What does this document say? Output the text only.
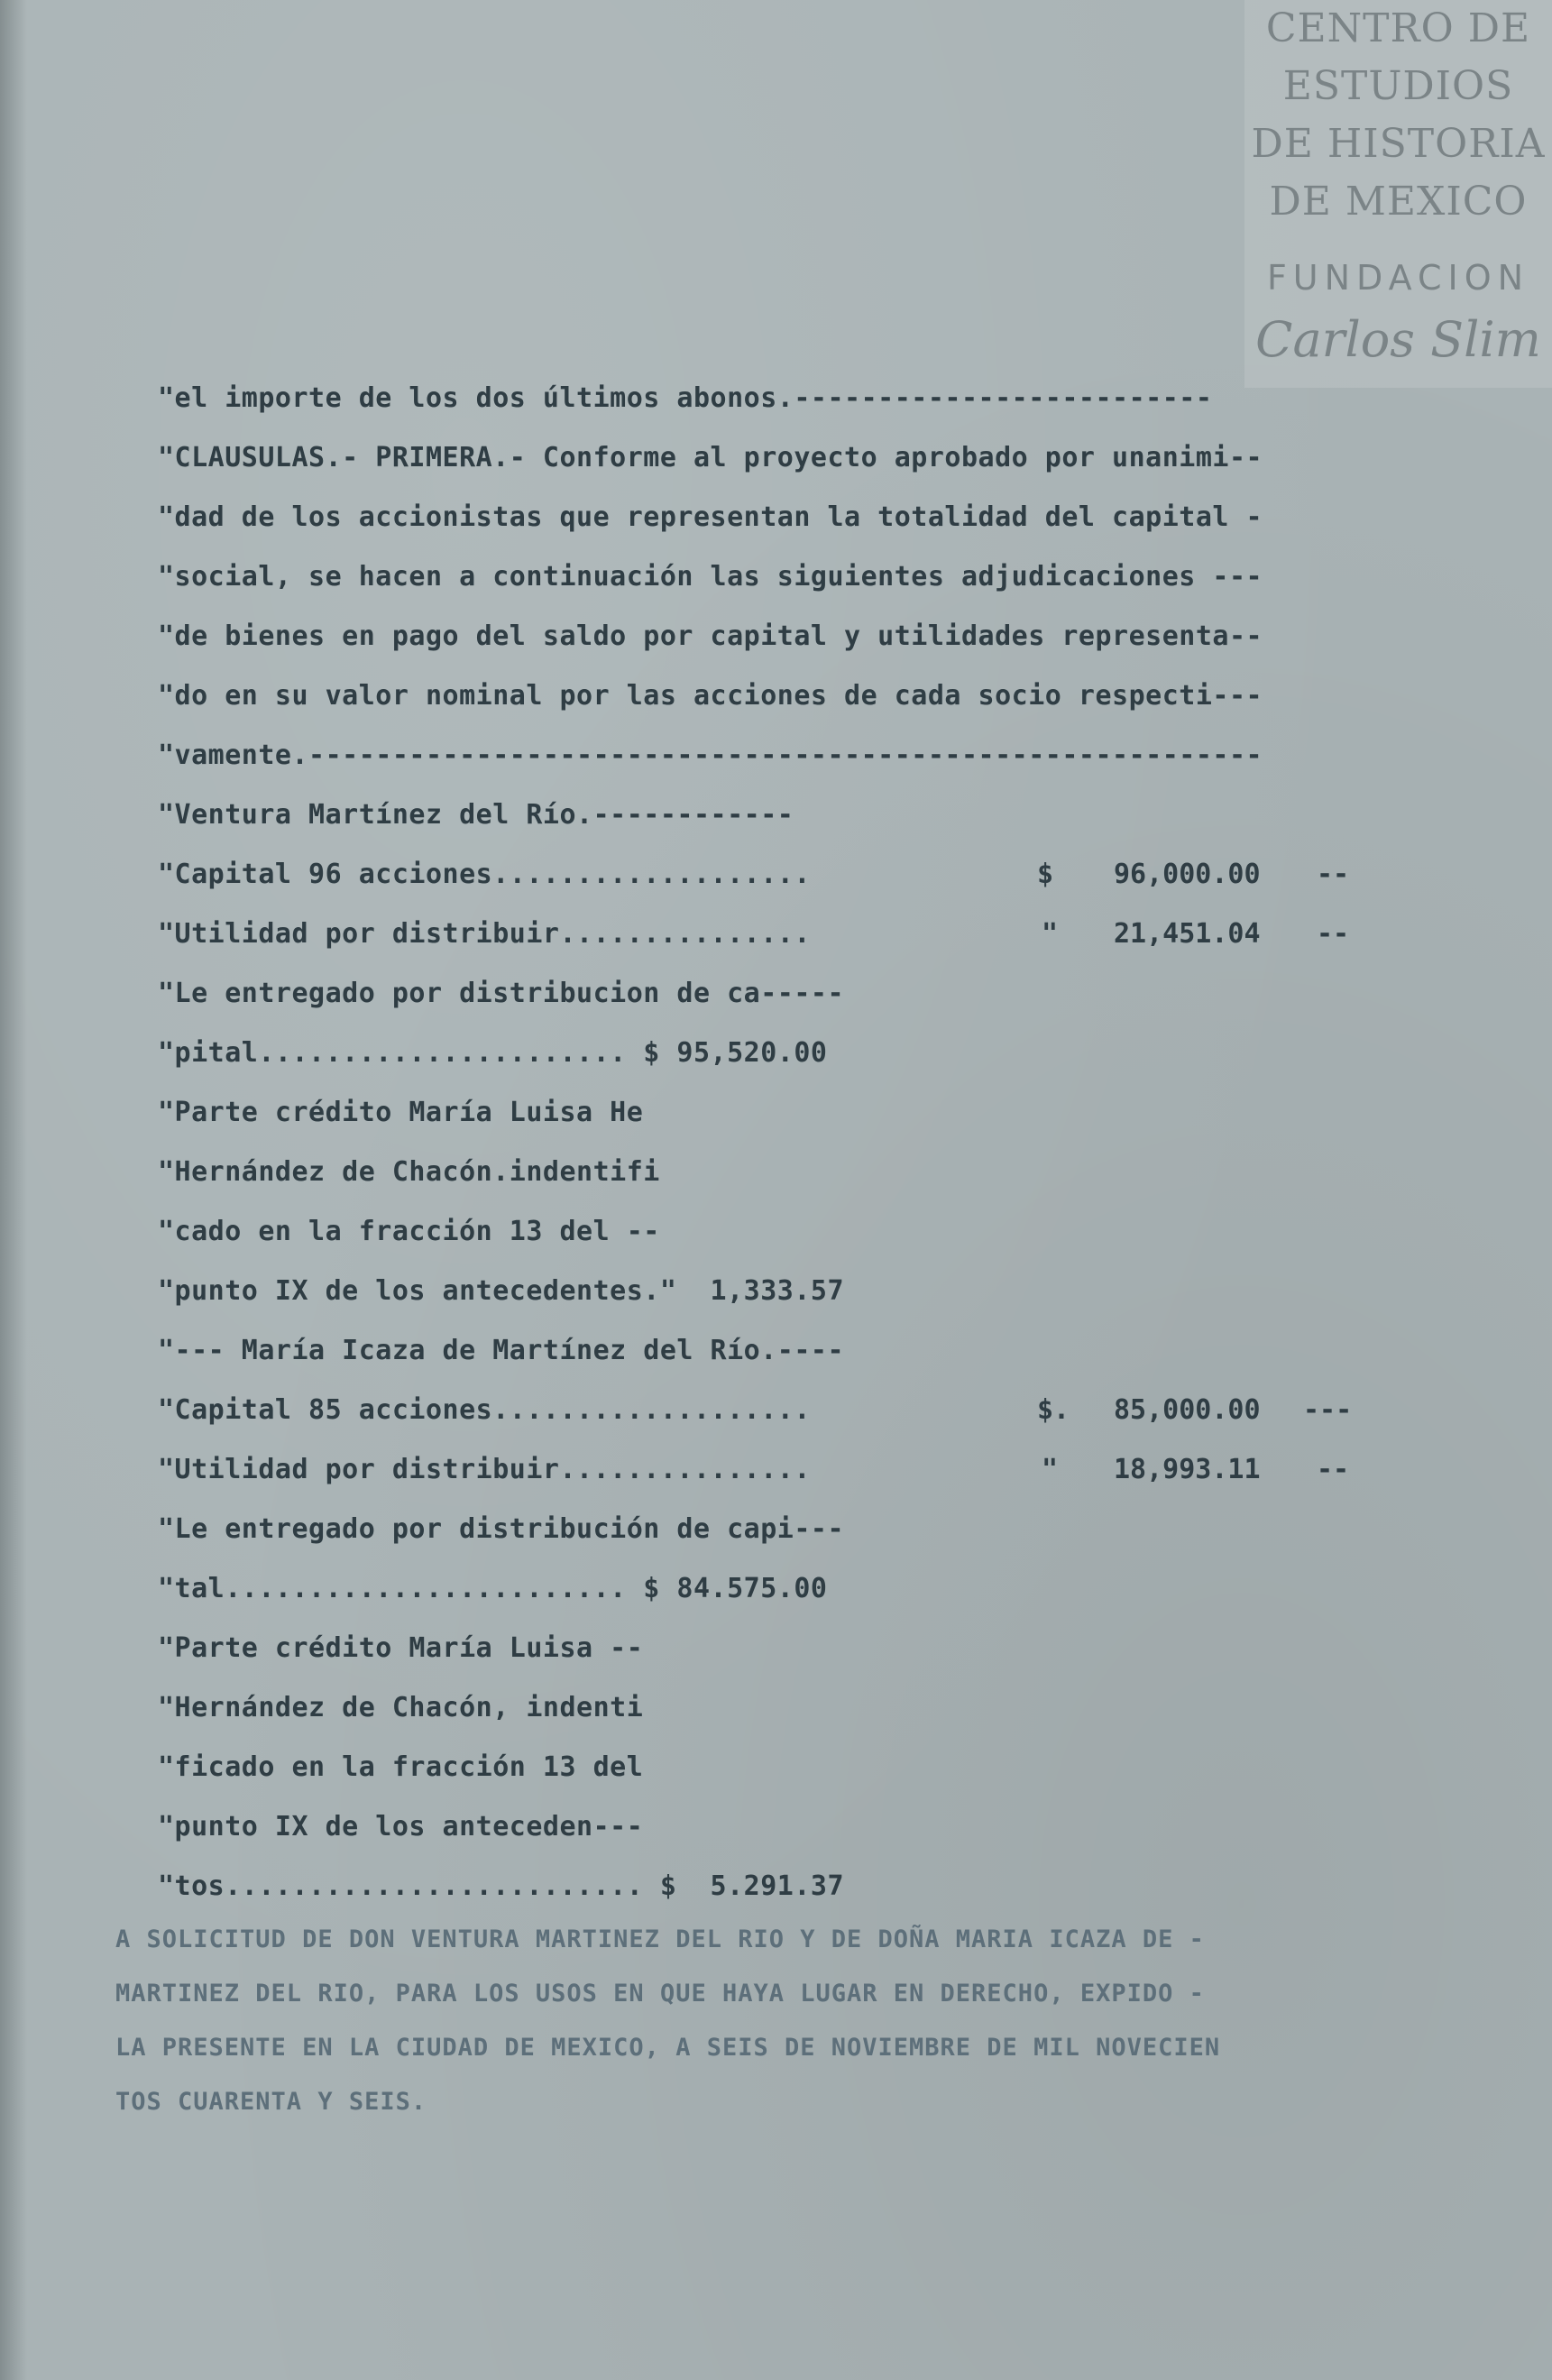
CENTRO DE
ESTUDIOS
DE HISTORIA
DE MEXICO
FUNDACION
Carlos Slim
"el importe de los dos últimos abonos.-------------------------
"CLAUSULAS.- PRIMERA.- Conforme al proyecto aprobado por unanimi--
"dad de los accionistas que representan la totalidad del capital -
"social, se hacen a continuación las siguientes adjudicaciones ---
"de bienes en pago del saldo por capital y utilidades representa--
"do en su valor nominal por las acciones de cada socio respecti---
"vamente.---------------------------------------------------------
"Ventura Martínez del Río.------------
"Capital 96 acciones...................
"Utilidad por distribuir...............
"Le entregado por distribucion de ca-----
"pital...................... $ 95,520.00
"Parte crédito María Luisa He
"Hernández de Chacón.indentifi
"cado en la fracción 13 del --
"punto IX de los antecedentes."  1,333.57
"--- María Icaza de Martínez del Río.----
"Capital 85 acciones...................
"Utilidad por distribuir...............
"Le entregado por distribución de capi---
"tal........................ $ 84.575.00
"Parte crédito María Luisa --
"Hernández de Chacón, indenti
"ficado en la fracción 13 del
"punto IX de los anteceden---
"tos......................... $  5.291.37
$ 96,000.00 --
" 21,451.04 --
$. 85,000.00 ---
" 18,993.11 --
A SOLICITUD DE DON VENTURA MARTINEZ DEL RIO Y DE DOÑA MARIA ICAZA DE -
MARTINEZ DEL RIO, PARA LOS USOS EN QUE HAYA LUGAR EN DERECHO, EXPIDO -
LA PRESENTE EN LA CIUDAD DE MEXICO, A SEIS DE NOVIEMBRE DE MIL NOVECIEN
TOS CUARENTA Y SEIS.
